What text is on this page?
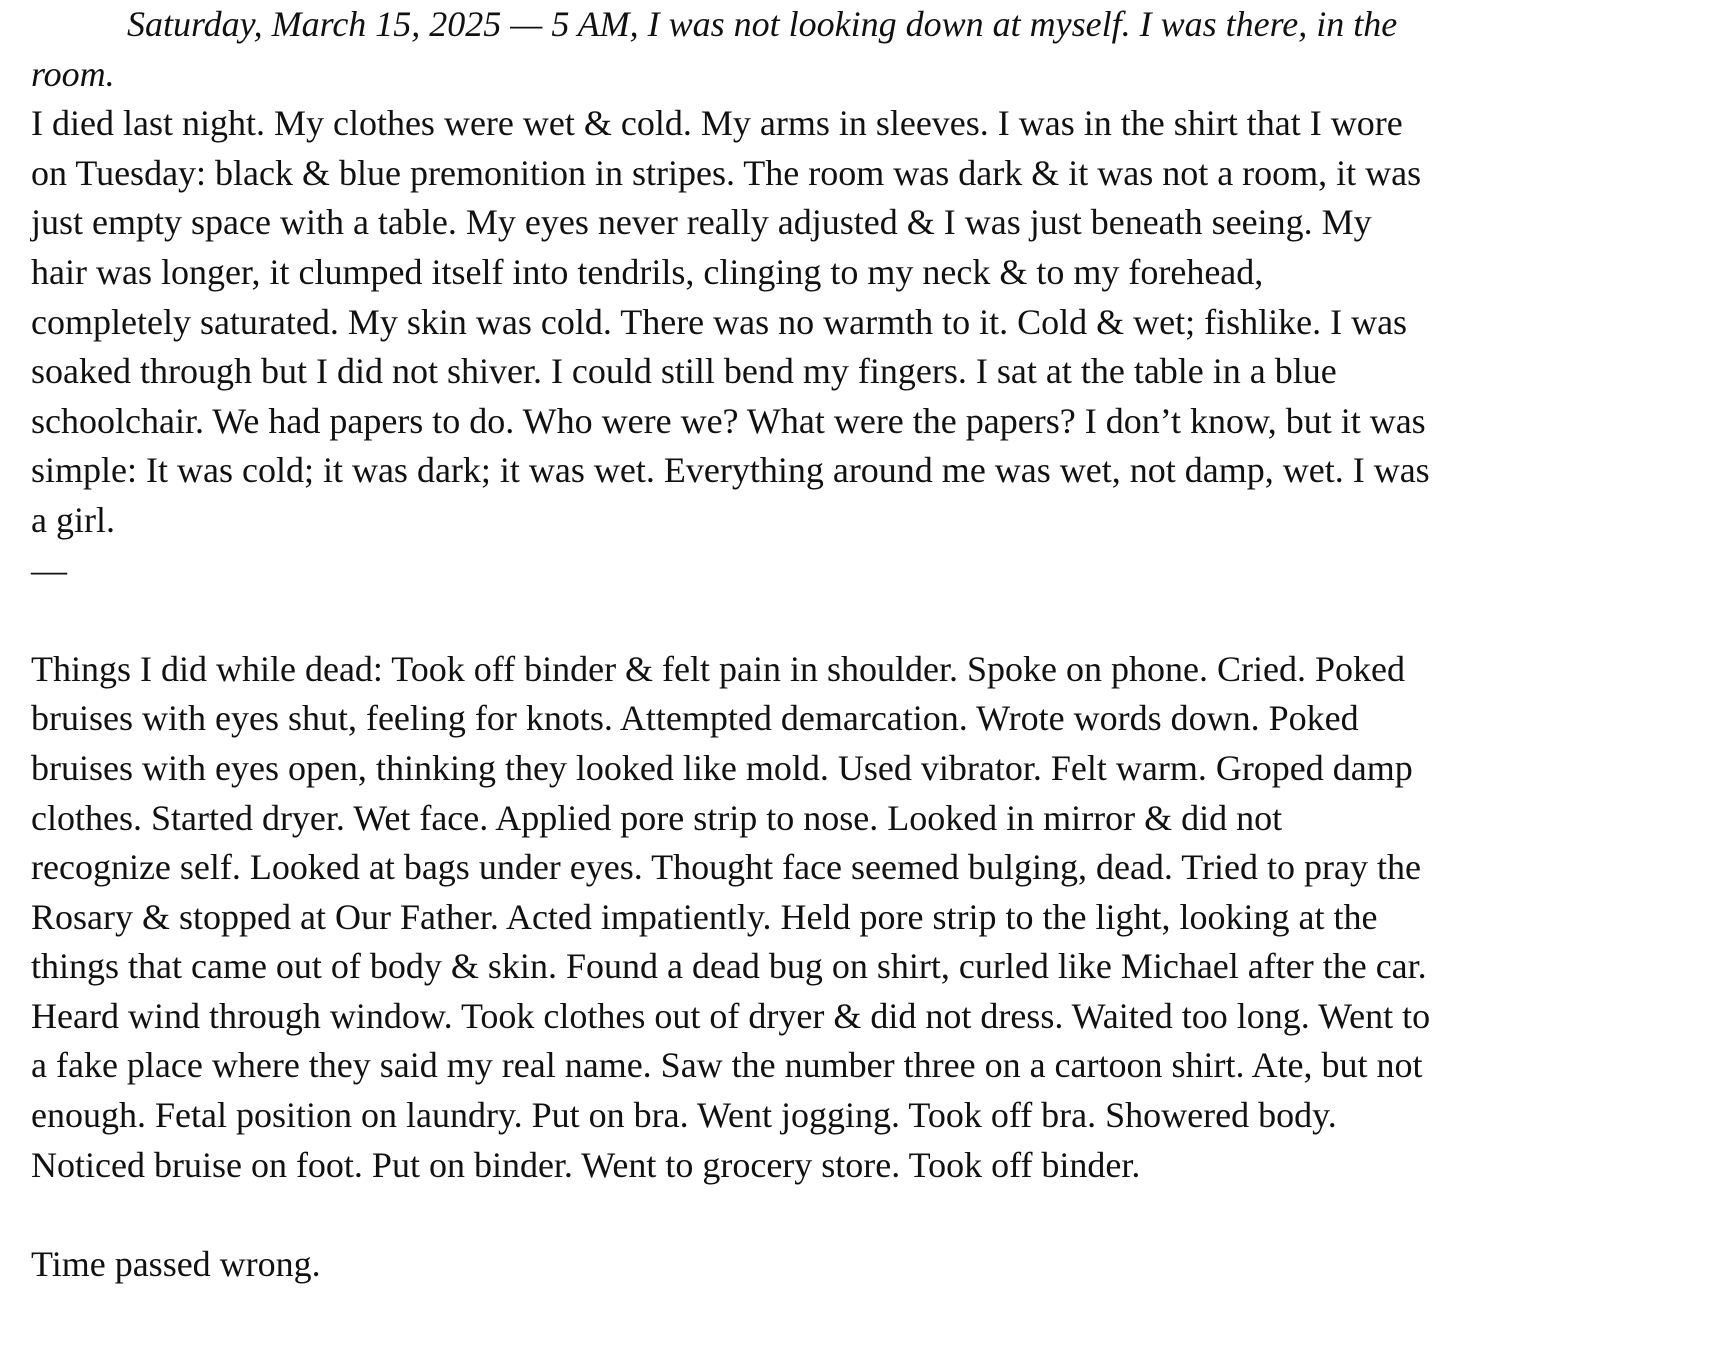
Saturday, March 15, 2025 — 5 AM, I was not looking down at myself. I was there, in the room.

I died last night. My clothes were wet & cold. My arms in sleeves. I was in the shirt that I wore on Tuesday: black & blue premonition in stripes. The room was dark & it was not a room, it was just empty space with a table. My eyes never really adjusted & I was just beneath seeing. My hair was longer, it clumped itself into tendrils, clinging to my neck & to my forehead, completely saturated. My skin was cold. There was no warmth to it. Cold & wet; fishlike. I was soaked through but I did not shiver. I could still bend my fingers. I sat at the table in a blue schoolchair. We had papers to do. Who were we? What were the papers? I don’t know, but it was simple: It was cold; it was dark; it was wet. Everything around me was wet, not damp, wet. I was a girl.

—

Things I did while dead: Took off binder & felt pain in shoulder. Spoke on phone. Cried. Poked bruises with eyes shut, feeling for knots. Attempted demarcation. Wrote words down. Poked bruises with eyes open, thinking they looked like mold. Used vibrator. Felt warm. Groped damp clothes. Started dryer. Wet face. Applied pore strip to nose. Looked in mirror & did not recognize self. Looked at bags under eyes. Thought face seemed bulging, dead. Tried to pray the Rosary & stopped at Our Father. Acted impatiently. Held pore strip to the light, looking at the things that came out of body & skin. Found a dead bug on shirt, curled like Michael after the car. Heard wind through window. Took clothes out of dryer & did not dress. Waited too long. Went to a fake place where they said my real name. Saw the number three on a cartoon shirt. Ate, but not enough. Fetal position on laundry. Put on bra. Went jogging. Took off bra. Showered body. Noticed bruise on foot. Put on binder. Went to grocery store. Took off binder.

Time passed wrong.
